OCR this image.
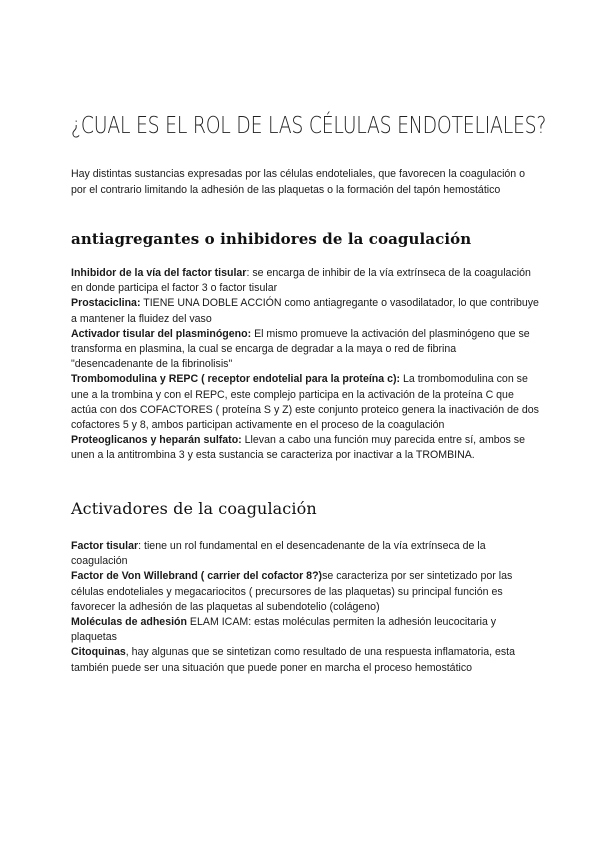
¿CUAL ES EL ROL DE LAS CÉLULAS ENDOTELIALES?
Hay distintas sustancias expresadas por las células endoteliales, que favorecen la coagulación o por el contrario limitando la adhesión de las plaquetas o la formación del tapón hemostático
antiagregantes o inhibidores de la coagulación

Inhibidor de la vía del factor tisular: se encarga de inhibir de la vía extrínseca de la coagulación en donde participa el factor 3 o factor tisular

Prostaciclina: TIENE UNA DOBLE ACCIÓN como antiagregante o vasodilatador, lo que contribuye a mantener la fluidez del vaso

Activador tisular del plasminógeno: El mismo promueve la activación del plasminógeno que se transforma en plasmina, la cual se encarga de degradar a la maya o red de fibrina "desencadenante de la fibrinolisis"

Trombomodulina y REPC ( receptor endotelial para la proteína c): La trombomodulina con se une a la trombina y con el REPC, este complejo participa en la activación de la proteína C que actúa con dos COFACTORES ( proteína S y Z) este conjunto proteico genera la inactivación de dos cofactores 5 y 8, ambos participan activamente en el proceso de la coagulación

Proteoglicanos y heparán sulfato: Llevan a cabo una función muy parecida entre sí, ambos se unen a la antitrombina 3 y esta sustancia se caracteriza por inactivar a la TROMBINA.

Activadores de la coagulación

Factor tisular: tiene un rol fundamental en el desencadenante de la vía extrínseca de la coagulación

Factor de Von Willebrand ( carrier del cofactor 8?)se caracteriza por ser sintetizado por las células endoteliales y megacariocitos ( precursores de las plaquetas) su principal función es favorecer la adhesión de las plaquetas al subendotelio (colágeno)

Moléculas de adhesión ELAM ICAM: estas moléculas permiten la adhesión leucocitaria y plaquetas

Citoquinas, hay algunas que se sintetizan como resultado de una respuesta inflamatoria, esta también puede ser una situación que puede poner en marcha el proceso hemostático
